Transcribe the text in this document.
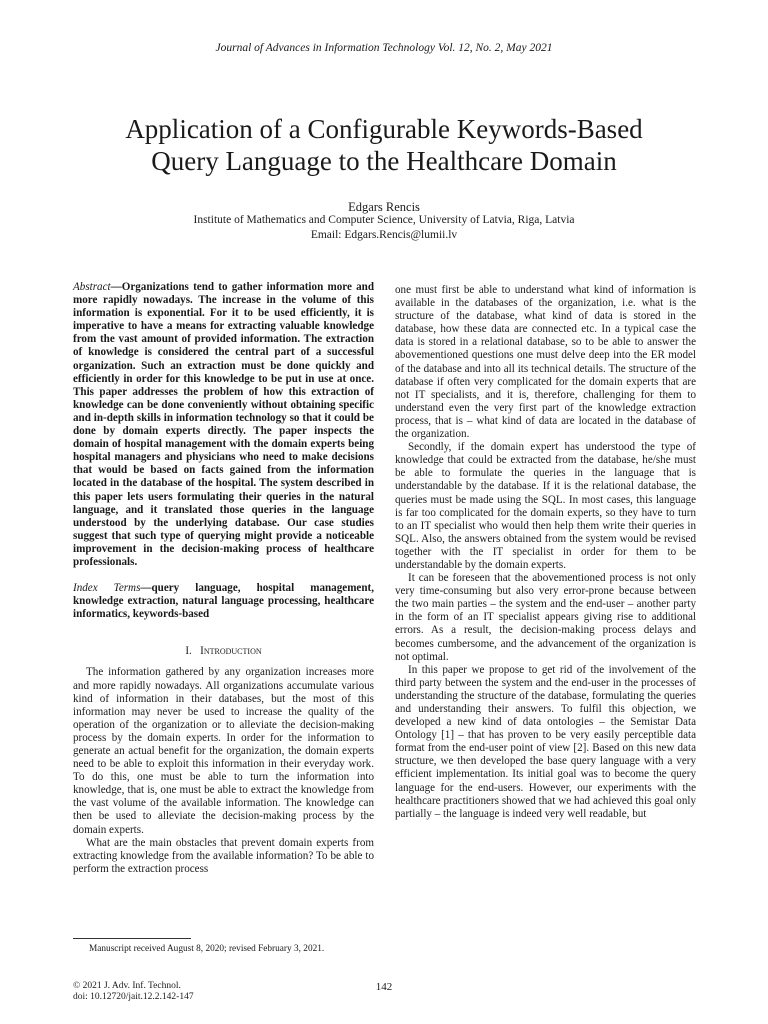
Journal of Advances in Information Technology Vol. 12, No. 2, May 2021
Application of a Configurable Keywords-Based
Query Language to the Healthcare Domain
Edgars Rencis
Institute of Mathematics and Computer Science, University of Latvia, Riga, Latvia
Email: Edgars.Rencis@lumii.lv

Abstract—Organizations tend to gather information more and more rapidly nowadays. The increase in the volume of this information is exponential. For it to be used efficiently, it is imperative to have a means for extracting valuable knowledge from the vast amount of provided information. The extraction of knowledge is considered the central part of a successful organization. Such an extraction must be done quickly and efficiently in order for this knowledge to be put in use at once. This paper addresses the problem of how this extraction of knowledge can be done conveniently without obtaining specific and in-depth skills in information technology so that it could be done by domain experts directly. The paper inspects the domain of hospital management with the domain experts being hospital managers and physicians who need to make decisions that would be based on facts gained from the information located in the database of the hospital. The system described in this paper lets users formulating their queries in the natural language, and it translated those queries in the language understood by the underlying database. Our case studies suggest that such type of querying might provide a noticeable improvement in the decision-making process of healthcare professionals.

Index Terms—query language, hospital management, knowledge extraction, natural language processing, healthcare informatics, keywords-based

I. Introduction

The information gathered by any organization increases more and more rapidly nowadays. All organizations accumulate various kind of information in their databases, but the most of this information may never be used to increase the quality of the operation of the organization or to alleviate the decision-making process by the domain experts. In order for the information to generate an actual benefit for the organization, the domain experts need to be able to exploit this information in their everyday work. To do this, one must be able to turn the information into knowledge, that is, one must be able to extract the knowledge from the vast volume of the available information. The knowledge can then be used to alleviate the decision-making process by the domain experts.

What are the main obstacles that prevent domain experts from extracting knowledge from the available information? To be able to perform the extraction process

one must first be able to understand what kind of information is available in the databases of the organization, i.e. what is the structure of the database, what kind of data is stored in the database, how these data are connected etc. In a typical case the data is stored in a relational database, so to be able to answer the abovementioned questions one must delve deep into the ER model of the database and into all its technical details. The structure of the database if often very complicated for the domain experts that are not IT specialists, and it is, therefore, challenging for them to understand even the very first part of the knowledge extraction process, that is – what kind of data are located in the database of the organization.

Secondly, if the domain expert has understood the type of knowledge that could be extracted from the database, he/she must be able to formulate the queries in the language that is understandable by the database. If it is the relational database, the queries must be made using the SQL. In most cases, this language is far too complicated for the domain experts, so they have to turn to an IT specialist who would then help them write their queries in SQL. Also, the answers obtained from the system would be revised together with the IT specialist in order for them to be understandable by the domain experts.

It can be foreseen that the abovementioned process is not only very time-consuming but also very error-prone because between the two main parties – the system and the end-user – another party in the form of an IT specialist appears giving rise to additional errors. As a result, the decision-making process delays and becomes cumbersome, and the advancement of the organization is not optimal.

In this paper we propose to get rid of the involvement of the third party between the system and the end-user in the processes of understanding the structure of the database, formulating the queries and understanding their answers. To fulfil this objection, we developed a new kind of data ontologies – the Semistar Data Ontology [1] – that has proven to be very easily perceptible data format from the end-user point of view [2]. Based on this new data structure, we then developed the base query language with a very efficient implementation. Its initial goal was to become the query language for the end-users. However, our experiments with the healthcare practitioners showed that we had achieved this goal only partially – the language is indeed very well readable, but

Manuscript received August 8, 2020; revised February 3, 2021.
© 2021 J. Adv. Inf. Technol.
doi: 10.12720/jait.12.2.142-147
142
